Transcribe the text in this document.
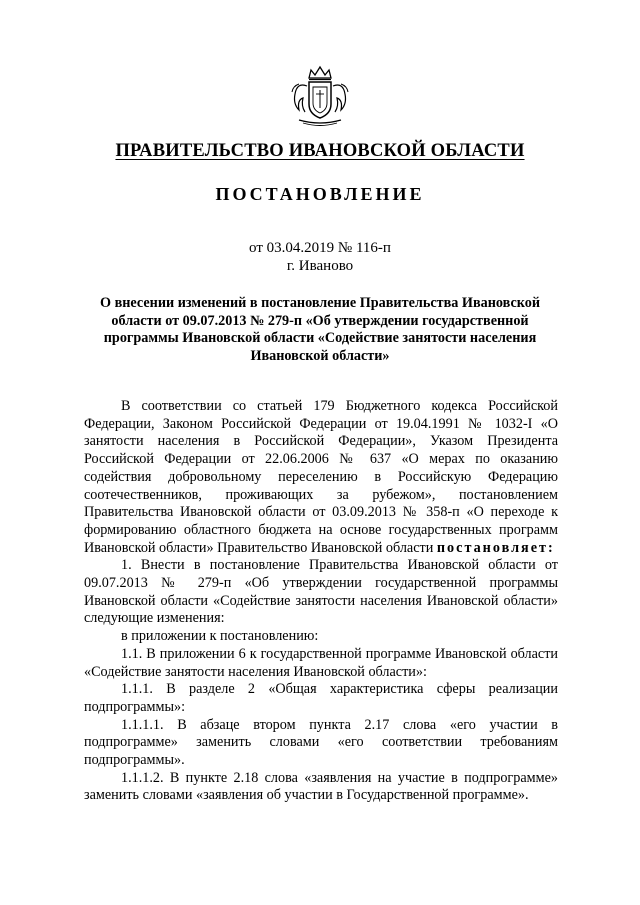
ПРАВИТЕЛЬСТВО ИВАНОВСКОЙ ОБЛАСТИ
ПОСТАНОВЛЕНИЕ
от 03.04.2019 № 116-п
г. Иваново
О внесении изменений в постановление Правительства Ивановской области от 09.07.2013 № 279-п «Об утверждении государственной программы Ивановской области «Содействие занятости населения Ивановской области»

В соответствии со статьей 179 Бюджетного кодекса Российской Федерации, Законом Российской Федерации от 19.04.1991 № 1032-I «О занятости населения в Российской Федерации», Указом Президента Российской Федерации от 22.06.2006 № 637 «О мерах по оказанию содействия добровольному переселению в Российскую Федерацию соотечественников, проживающих за рубежом», постановлением Правительства Ивановской области от 03.09.2013 № 358-п «О переходе к формированию областного бюджета на основе государственных программ Ивановской области» Правительство Ивановской области постановляет:

1. Внести в постановление Правительства Ивановской области от 09.07.2013 № 279-п «Об утверждении государственной программы Ивановской области «Содействие занятости населения Ивановской области» следующие изменения:

в приложении к постановлению:

1.1. В приложении 6 к государственной программе Ивановской области «Содействие занятости населения Ивановской области»:

1.1.1. В разделе 2 «Общая характеристика сферы реализации подпрограммы»:

1.1.1.1. В абзаце втором пункта 2.17 слова «его участии в подпрограмме» заменить словами «его соответствии требованиям подпрограммы».

1.1.1.2. В пункте 2.18 слова «заявления на участие в подпрограмме» заменить словами «заявления об участии в Государственной программе».
